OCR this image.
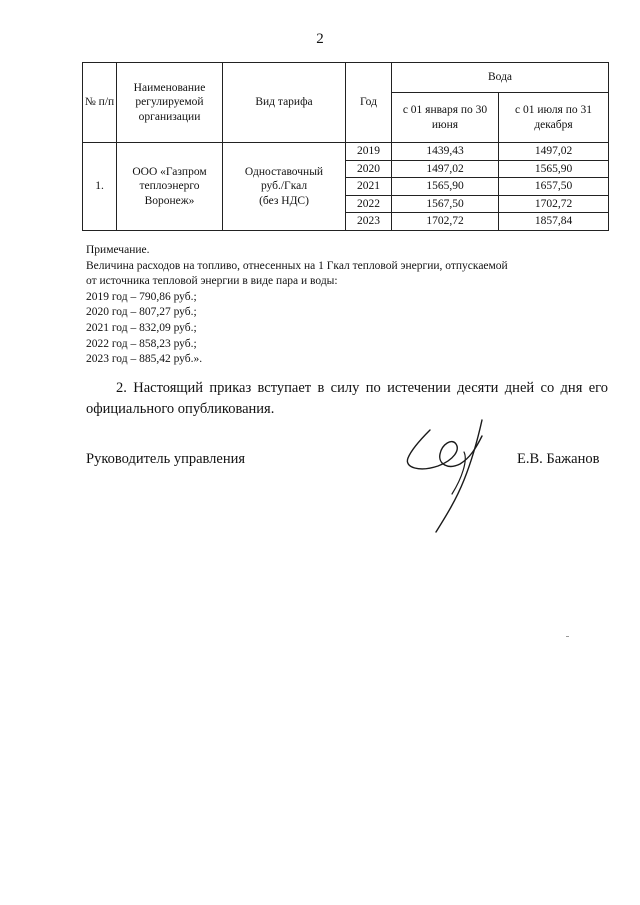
2
№ п/п	Наименование регулируемой организации	Вид тарифа	Год	Вода	
				с 01 января по 30 июня	с 01 июля по 31 декабря
1.	ООО «Газпром теплоэнерго Воронеж»	Одноставочный
руб./Гкал
(без НДС)	2019	1439,43	1497,02
			2020	1497,02	1565,90
			2021	1565,90	1657,50
			2022	1567,50	1702,72
			2023	1702,72	1857,84
Примечание.
Величина расходов на топливо, отнесенных на 1 Гкал тепловой энергии, отпускаемой
от источника тепловой энергии в виде пара и воды:
2019 год – 790,86 руб.;
2020 год – 807,27 руб.;
2021 год – 832,09 руб.;
2022 год – 858,23 руб.;
2023 год – 885,42 руб.».
2. Настоящий приказ вступает в силу по истечении десяти дней со дня его официального опубликования.
Руководитель управления	Е.В. Бажанов
